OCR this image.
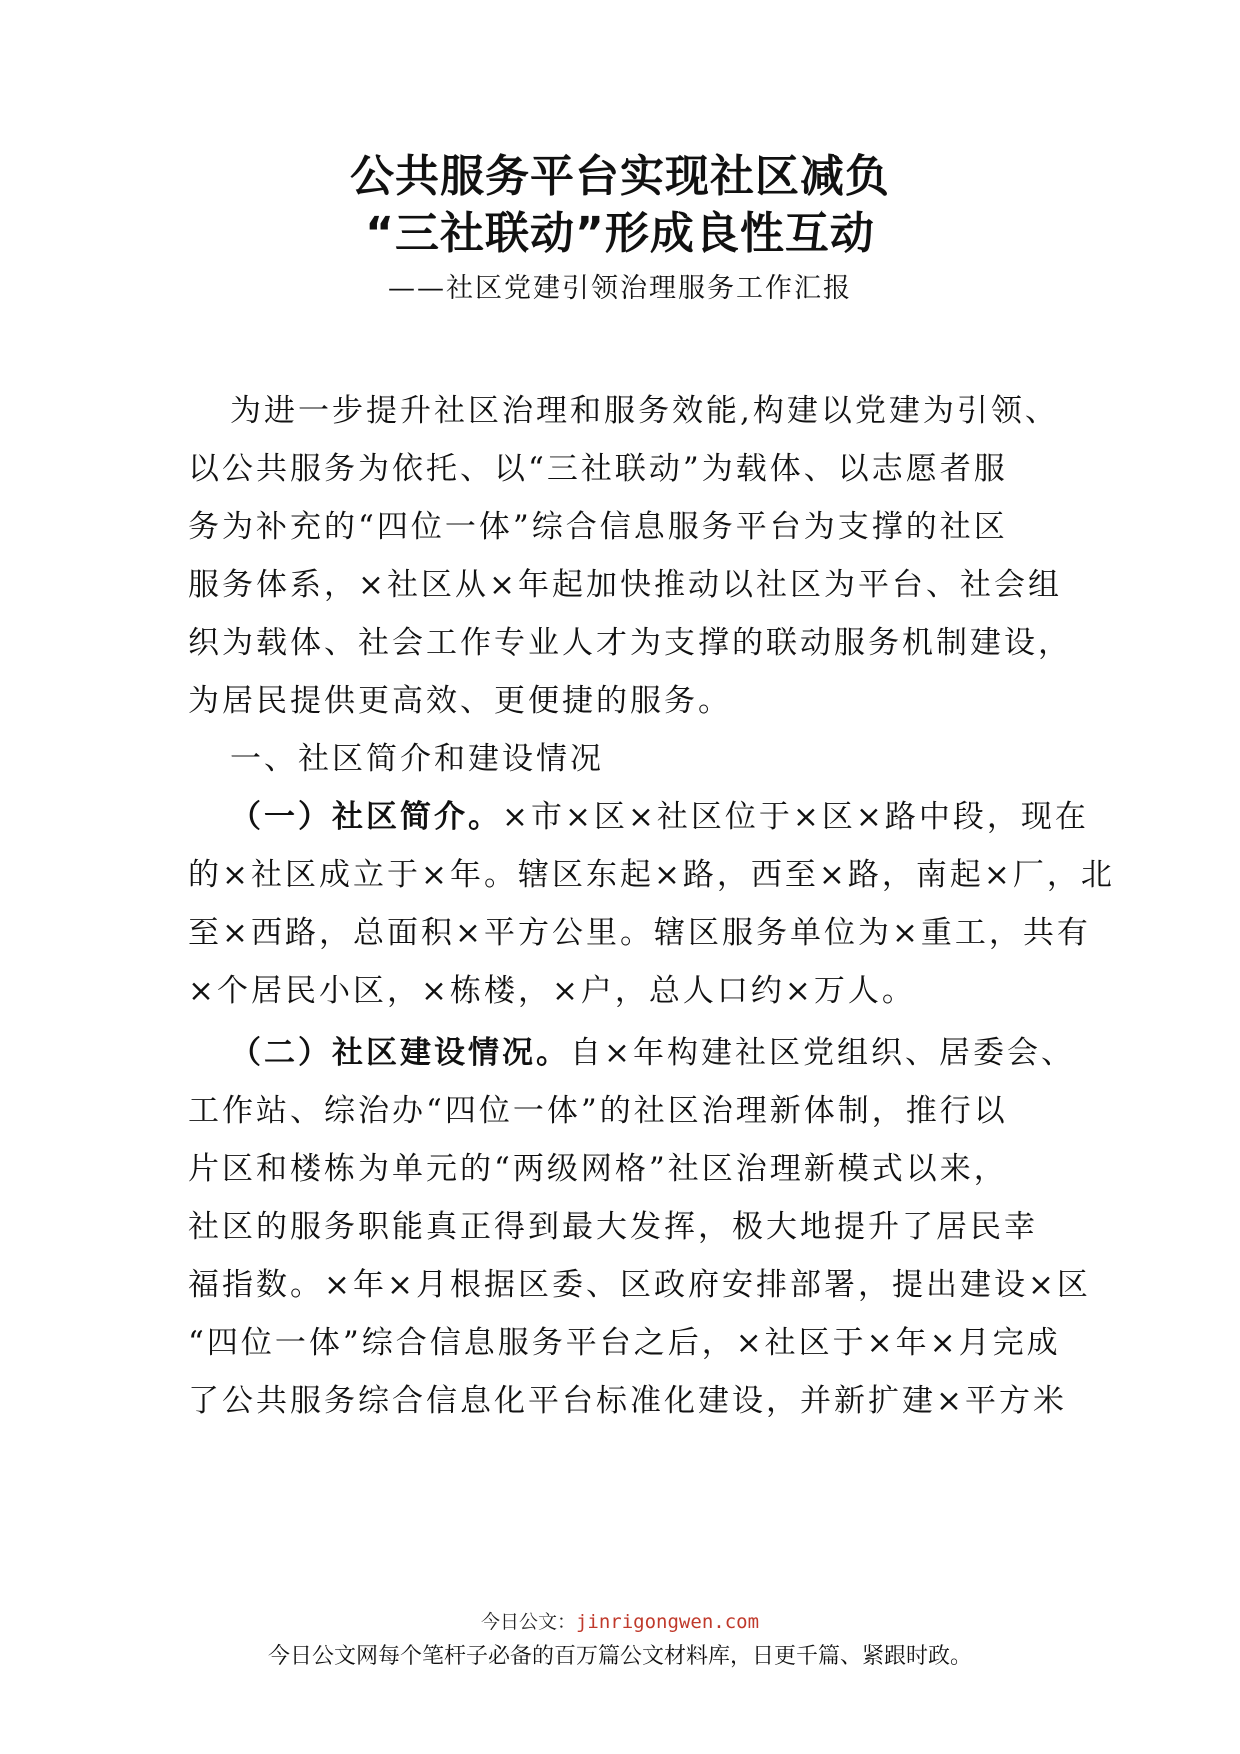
公共服务平台实现社区减负
“三社联动”形成良性互动
——社区党建引领治理服务工作汇报
为进一步提升社区治理和服务效能,构建以党建为引领、
以公共服务为依托、以“三社联动”为载体、以志愿者服
务为补充的“四位一体”综合信息服务平台为支撑的社区
服务体系，×社区从×年起加快推动以社区为平台、社会组
织为载体、社会工作专业人才为支撑的联动服务机制建设，
为居民提供更高效、更便捷的服务。
一、社区简介和建设情况
（一）社区简介。×市×区×社区位于×区×路中段，现在
的×社区成立于×年。辖区东起×路，西至×路，南起×厂，北
至×西路，总面积×平方公里。辖区服务单位为×重工，共有
×个居民小区，×栋楼，×户，总人口约×万人。
（二）社区建设情况。自×年构建社区党组织、居委会、
工作站、综治办“四位一体”的社区治理新体制，推行以
片区和楼栋为单元的“两级网格”社区治理新模式以来，
社区的服务职能真正得到最大发挥，极大地提升了居民幸
福指数。×年×月根据区委、区政府安排部署，提出建设×区
“四位一体”综合信息服务平台之后，×社区于×年×月完成
了公共服务综合信息化平台标准化建设，并新扩建×平方米
今日公文：jinrigongwen.com
今日公文网每个笔杆子必备的百万篇公文材料库，日更千篇、紧跟时政。
